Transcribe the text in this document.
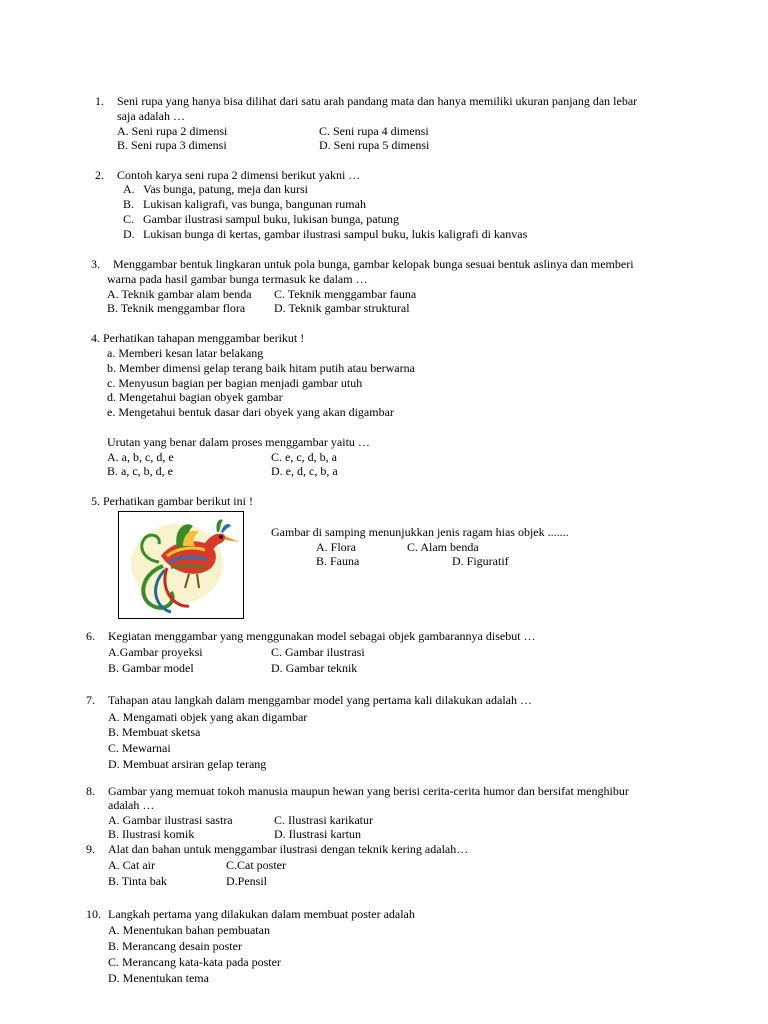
1. Seni rupa yang hanya bisa dilihat dari satu arah pandang mata dan hanya memiliki ukuran panjang dan lebar
saja adalah …
A. Seni rupa 2 dimensi
B. Seni rupa 3 dimensi
C. Seni rupa 4 dimensi
D. Seni rupa 5 dimensi
2. Contoh karya seni rupa 2 dimensi berikut yakni …
A. Vas bunga, patung, meja dan kursi
B. Lukisan kaligrafi, vas bunga, bangunan rumah
C. Gambar ilustrasi sampul buku, lukisan bunga, patung
D. Lukisan bunga di kertas, gambar ilustrasi sampul buku, lukis kaligrafi di kanvas
3. Menggambar bentuk lingkaran untuk pola bunga, gambar kelopak bunga sesuai bentuk aslinya dan memberi
warna pada hasil gambar bunga termasuk ke dalam …
A. Teknik gambar alam benda
B. Teknik menggambar flora
C. Teknik menggambar fauna
D. Teknik gambar struktural
4. Perhatikan tahapan menggambar berikut !
a. Memberi kesan latar belakang
b. Member dimensi gelap terang baik hitam putih atau berwarna
c. Menyusun bagian per bagian menjadi gambar utuh
d. Mengetahui bagian obyek gambar
e. Mengetahui bentuk dasar dari obyek yang akan digambar
Urutan yang benar dalam proses menggambar yaitu …
A. a, b, c, d, e
B. a, c, b, d, e
C. e, c, d, b, a
D. e, d, c, b, a
5. Perhatikan gambar berikut ini !
Gambar di samping menunjukkan jenis ragam hias objek .......
A. Flora	C. Alam benda
B. Fauna	D. Figuratif
6. Kegiatan menggambar yang menggunakan model sebagai objek gambarannya disebut …
A.Gambar proyeksi
B. Gambar model
C. Gambar ilustrasi
D. Gambar teknik
7. Tahapan atau langkah dalam menggambar model yang pertama kali dilakukan adalah …
A. Mengamati objek yang akan digambar
B. Membuat sketsa
C. Mewarnai
D. Membuat arsiran gelap terang
8. Gambar yang memuat tokoh manusia maupun hewan yang berisi cerita-cerita humor dan bersifat menghibur
adalah …
A. Gambar ilustrasi sastra
B. Ilustrasi komik
C. Ilustrasi karikatur
D. Ilustrasi kartun
9. Alat dan bahan untuk menggambar ilustrasi dengan teknik kering adalah…
A. Cat air
B. Tinta bak
C.Cat poster
D.Pensil
10. Langkah pertama yang dilakukan dalam membuat poster adalah
A. Menentukan bahan pembuatan
B. Merancang desain poster
C. Merancang kata-kata pada poster
D. Menentukan tema
